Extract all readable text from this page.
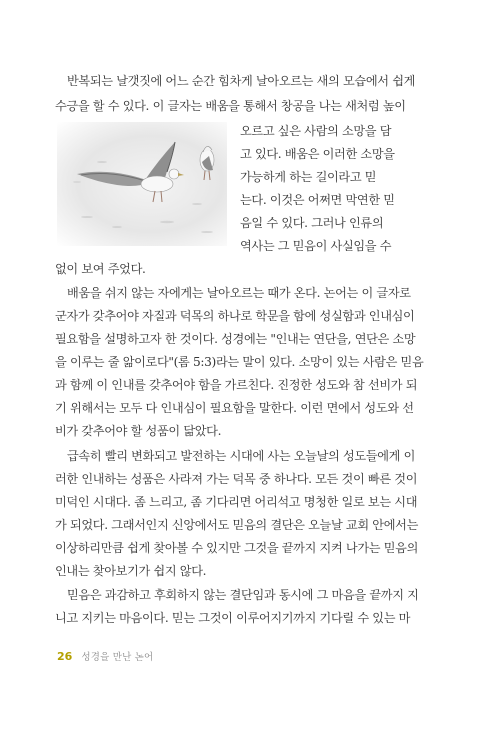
반복되는 날갯짓에 어느 순간 힘차게 날아오르는 새의 모습에서 쉽게
수긍을 할 수 있다. 이 글자는 배움을 통해서 창공을 나는 새처럼 높이
오르고 싶은 사람의 소망을 담
고 있다. 배움은 이러한 소망을
가능하게 하는 길이라고 믿
는다. 이것은 어쩌면 막연한 믿
음일 수 있다. 그러나 인류의
역사는 그 믿음이 사실임을 수
없이 보여 주었다.
배움을 쉬지 않는 자에게는 날아오르는 때가 온다. 논어는 이 글자로
군자가 갖추어야 자질과 덕목의 하나로 학문을 함에 성실함과 인내심이
필요함을 설명하고자 한 것이다. 성경에는 "인내는 연단을, 연단은 소망
을 이루는 줄 앎이로다"(롬 5:3)라는 말이 있다. 소망이 있는 사람은 믿음
과 함께 이 인내를 갖추어야 함을 가르친다. 진정한 성도와 참 선비가 되
기 위해서는 모두 다 인내심이 필요함을 말한다. 이런 면에서 성도와 선
비가 갖추어야 할 성품이 닮았다.
급속히 빨리 변화되고 발전하는 시대에 사는 오늘날의 성도들에게 이
러한 인내하는 성품은 사라져 가는 덕목 중 하나다. 모든 것이 빠른 것이
미덕인 시대다. 좀 느리고, 좀 기다리면 어리석고 명청한 일로 보는 시대
가 되었다. 그래서인지 신앙에서도 믿음의 결단은 오늘날 교회 안에서는
이상하리만큼 쉽게 찾아볼 수 있지만 그것을 끝까지 지켜 나가는 믿음의
인내는 찾아보기가 쉽지 않다.
믿음은 과감하고 후회하지 않는 결단임과 동시에 그 마음을 끝까지 지
니고 지키는 마음이다. 믿는 그것이 이루어지기까지 기다릴 수 있는 마
26 성경을 만난 논어
